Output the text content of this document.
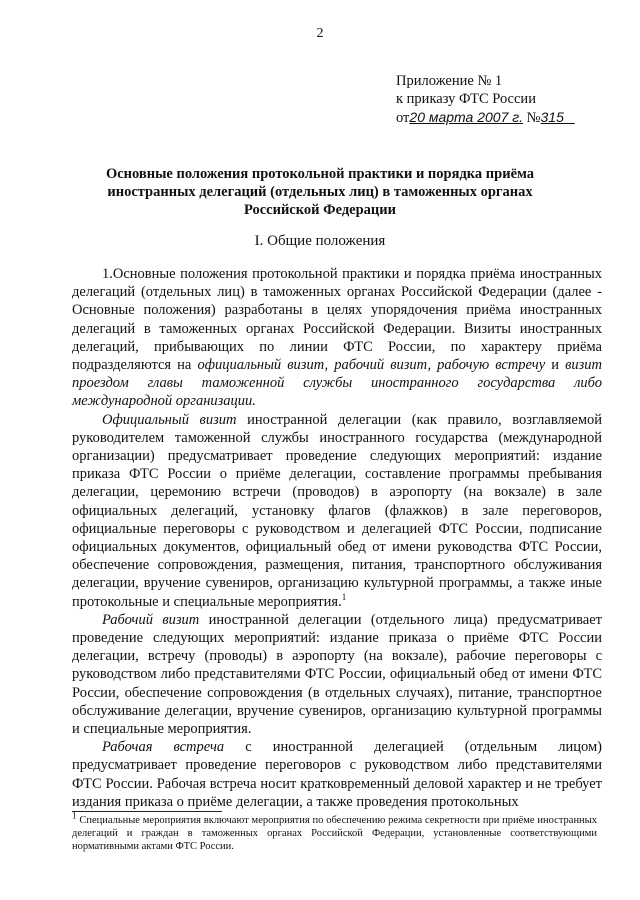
2
Приложение № 1
к приказу ФТС России
от20 марта 2007 г. №315
Основные положения протокольной практики и порядка приёма
иностранных делегаций (отдельных лиц) в таможенных органах
Российской Федерации
I. Общие положения

1.Основные положения протокольной практики и порядка приёма иностранных делегаций (отдельных лиц) в таможенных органах Российской Федерации (далее - Основные положения) разработаны в целях упорядочения приёма иностранных делегаций в таможенных органах Российской Федерации. Визиты иностранных делегаций, прибывающих по линии ФТС России, по характеру приёма подразделяются на официальный визит, рабочий визит, рабочую встречу и визит проездом главы таможенной службы иностранного государства либо международной организации.

Официальный визит иностранной делегации (как правило, возглавляемой руководителем таможенной службы иностранного государства (международной организации) предусматривает проведение следующих мероприятий: издание приказа ФТС России о приёме делегации, составление программы пребывания делегации, церемонию встречи (проводов) в аэропорту (на вокзале) в зале официальных делегаций, установку флагов (флажков) в зале переговоров, официальные переговоры с руководством и делегацией ФТС России, подписание официальных документов, официальный обед от имени руководства ФТС России, обеспечение сопровождения, размещения, питания, транспортного обслуживания делегации, вручение сувениров, организацию культурной программы, а также иные протокольные и специальные мероприятия.$^1$

Рабочий визит иностранной делегации (отдельного лица) предусматривает проведение следующих мероприятий: издание приказа о приёме ФТС России делегации, встречу (проводы) в аэропорту (на вокзале), рабочие переговоры с руководством либо представителями ФТС России, официальный обед от имени ФТС России, обеспечение сопровождения (в отдельных случаях), питание, транспортное обслуживание делегации, вручение сувениров, организацию культурной программы и специальные мероприятия.

Рабочая встреча с иностранной делегацией (отдельным лицом) предусматривает проведение переговоров с руководством либо представителями ФТС России. Рабочая встреча носит кратковременный деловой характер и не требует издания приказа о приёме делегации, а также проведения протокольных

$^1$ Специальные мероприятия включают мероприятия по обеспечению режима секретности при приёме иностранных делегаций и граждан в таможенных органах Российской Федерации, установленные соответствующими нормативными актами ФТС России.
